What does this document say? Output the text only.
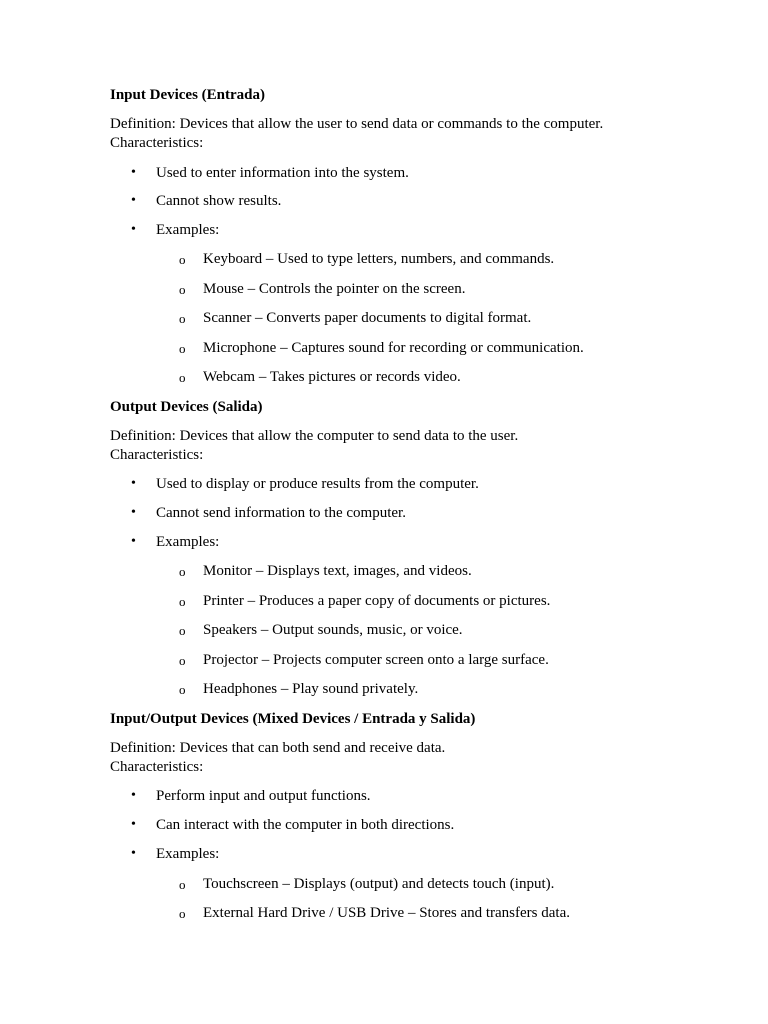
Input Devices (Entrada)
Definition: Devices that allow the user to send data or commands to the computer.
Characteristics:
• Used to enter information into the system.
• Cannot show results.
• Examples:
o Keyboard – Used to type letters, numbers, and commands.
o Mouse – Controls the pointer on the screen.
o Scanner – Converts paper documents to digital format.
o Microphone – Captures sound for recording or communication.
o Webcam – Takes pictures or records video.
Output Devices (Salida)
Definition: Devices that allow the computer to send data to the user.
Characteristics:
• Used to display or produce results from the computer.
• Cannot send information to the computer.
• Examples:
o Monitor – Displays text, images, and videos.
o Printer – Produces a paper copy of documents or pictures.
o Speakers – Output sounds, music, or voice.
o Projector – Projects computer screen onto a large surface.
o Headphones – Play sound privately.
Input/Output Devices (Mixed Devices / Entrada y Salida)
Definition: Devices that can both send and receive data.
Characteristics:
• Perform input and output functions.
• Can interact with the computer in both directions.
• Examples:
o Touchscreen – Displays (output) and detects touch (input).
o External Hard Drive / USB Drive – Stores and transfers data.
